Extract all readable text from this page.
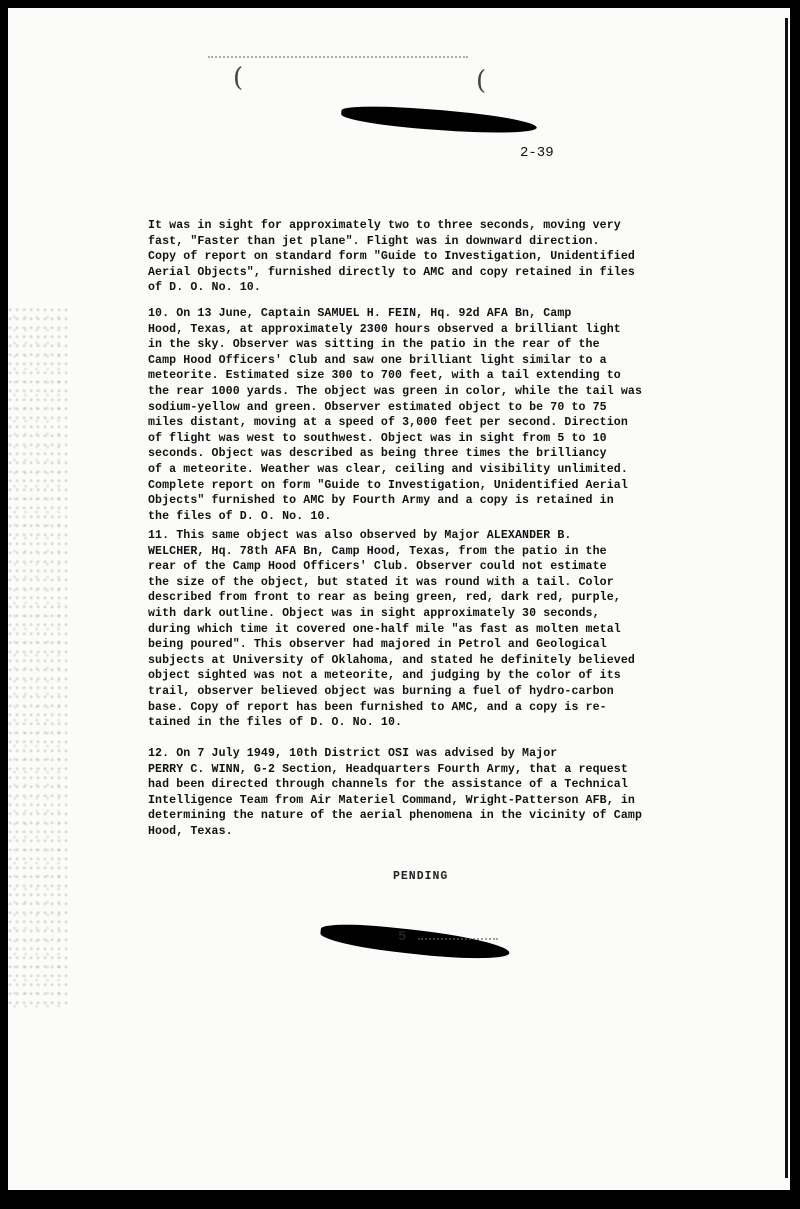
(	(
2-39

It was in sight for approximately two to three seconds, moving very
fast, "Faster than jet plane". Flight was in downward direction.
Copy of report on standard form "Guide to Investigation, Unidentified
Aerial Objects", furnished directly to AMC and copy retained in files
of D. O. No. 10.

10. On 13 June, Captain SAMUEL H. FEIN, Hq. 92d AFA Bn, Camp
Hood, Texas, at approximately 2300 hours observed a brilliant light
in the sky. Observer was sitting in the patio in the rear of the
Camp Hood Officers' Club and saw one brilliant light similar to a
meteorite. Estimated size 300 to 700 feet, with a tail extending to
the rear 1000 yards. The object was green in color, while the tail was
sodium-yellow and green. Observer estimated object to be 70 to 75
miles distant, moving at a speed of 3,000 feet per second. Direction
of flight was west to southwest. Object was in sight from 5 to 10
seconds. Object was described as being three times the brilliancy
of a meteorite. Weather was clear, ceiling and visibility unlimited.
Complete report on form "Guide to Investigation, Unidentified Aerial
Objects" furnished to AMC by Fourth Army and a copy is retained in
the files of D. O. No. 10.

11. This same object was also observed by Major ALEXANDER B.
WELCHER, Hq. 78th AFA Bn, Camp Hood, Texas, from the patio in the
rear of the Camp Hood Officers' Club. Observer could not estimate
the size of the object, but stated it was round with a tail. Color
described from front to rear as being green, red, dark red, purple,
with dark outline. Object was in sight approximately 30 seconds,
during which time it covered one-half mile "as fast as molten metal
being poured". This observer had majored in Petrol and Geological
subjects at University of Oklahoma, and stated he definitely believed
object sighted was not a meteorite, and judging by the color of its
trail, observer believed object was burning a fuel of hydro-carbon
base. Copy of report has been furnished to AMC, and a copy is re-
tained in the files of D. O. No. 10.

12. On 7 July 1949, 10th District OSI was advised by Major
PERRY C. WINN, G-2 Section, Headquarters Fourth Army, that a request
had been directed through channels for the assistance of a Technical
Intelligence Team from Air Materiel Command, Wright-Patterson AFB, in
determining the nature of the aerial phenomena in the vicinity of Camp
Hood, Texas.

PENDING
5
